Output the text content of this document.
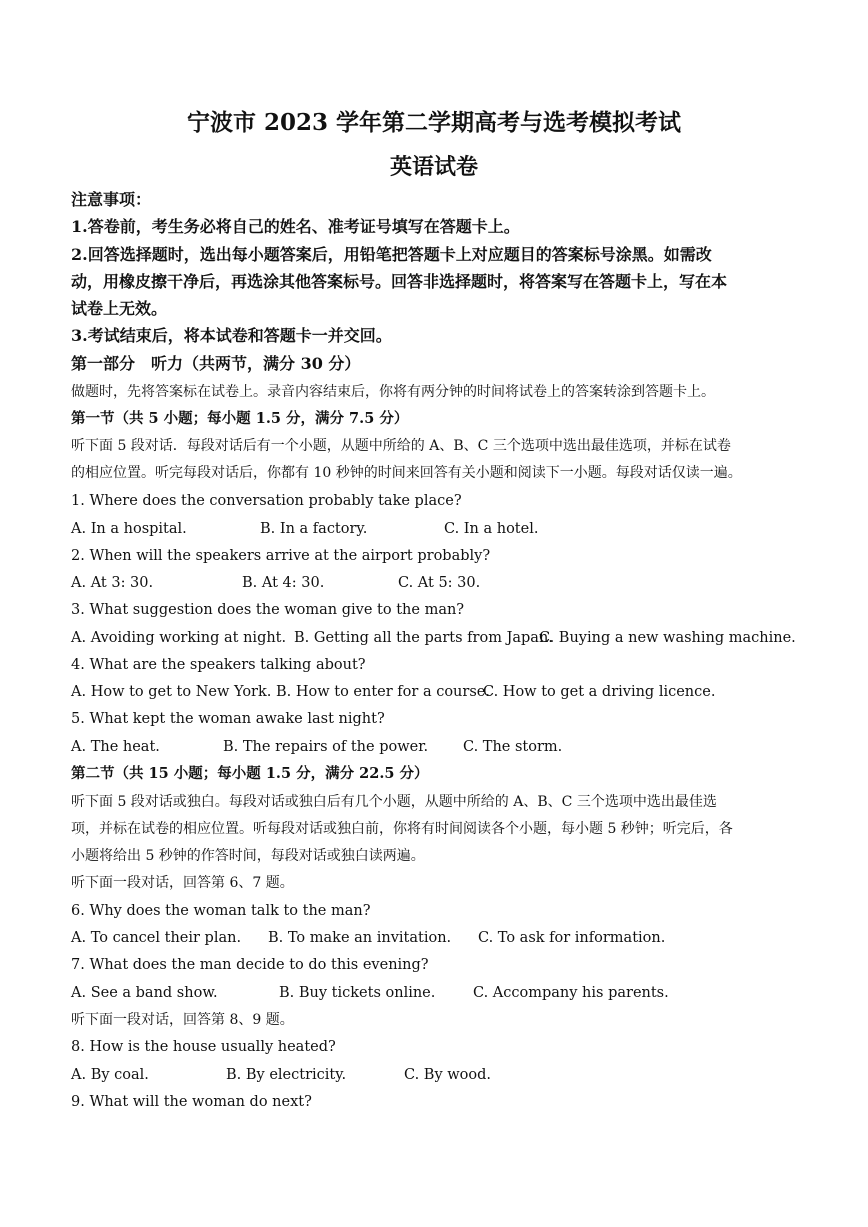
宁波市 2023 学年第二学期高考与选考模拟考试
英语试卷
注意事项：
1.答卷前，考生务必将自己的姓名、准考证号填写在答题卡上。
2.回答选择题时，选出每小题答案后，用铅笔把答题卡上对应题目的答案标号涂黑。如需改
动，用橡皮擦干净后，再选涂其他答案标号。回答非选择题时，将答案写在答题卡上，写在本
试卷上无效。
3.考试结束后，将本试卷和答题卡一并交回。
第一部分　听力（共两节，满分 30 分）
做题时，先将答案标在试卷上。录音内容结束后，你将有两分钟的时间将试卷上的答案转涂到答题卡上。
第一节（共 5 小题；每小题 1.5 分，满分 7.5 分）
听下面 5 段对话．每段对话后有一个小题，从题中所给的 A、B、C 三个选项中选出最佳选项，并标在试卷
的相应位置。听完每段对话后，你都有 10 秒钟的时间来回答有关小题和阅读下一小题。每段对话仅读一遍。
1. Where does the conversation probably take place?
A. In a hospital.	B. In a factory.	C. In a hotel.
2. When will the speakers arrive at the airport probably?
A. At 3: 30.	B. At 4: 30.	C. At 5: 30.
3. What suggestion does the woman give to the man?
A. Avoiding working at night. B. Getting all the parts from Japan.
C. Buying a new washing machine.
4. What are the speakers talking about?
A. How to get to New York. B. How to enter for a course.
C. How to get a driving licence.
5. What kept the woman awake last night?
A. The heat.	B. The repairs of the power. C. The storm.
第二节（共 15 小题；每小题 1.5 分，满分 22.5 分）
听下面 5 段对话或独白。每段对话或独白后有几个小题，从题中所给的 A、B、C 三个选项中选出最佳选
项，并标在试卷的相应位置。听每段对话或独白前，你将有时间阅读各个小题，每小题 5 秒钟；听完后，各
小题将给出 5 秒钟的作答时间，每段对话或独白读两遍。
听下面一段对话，回答第 6、7 题。
6. Why does the woman talk to the man?
A. To cancel their plan. B. To make an invitation. C. To ask for information.
7. What does the man decide to do this evening?
A. See a band show.	B. Buy tickets online.	C. Accompany his parents.
听下面一段对话，回答第 8、9 题。
8. How is the house usually heated?
A. By coal.	B. By electricity.	C. By wood.
9. What will the woman do next?
